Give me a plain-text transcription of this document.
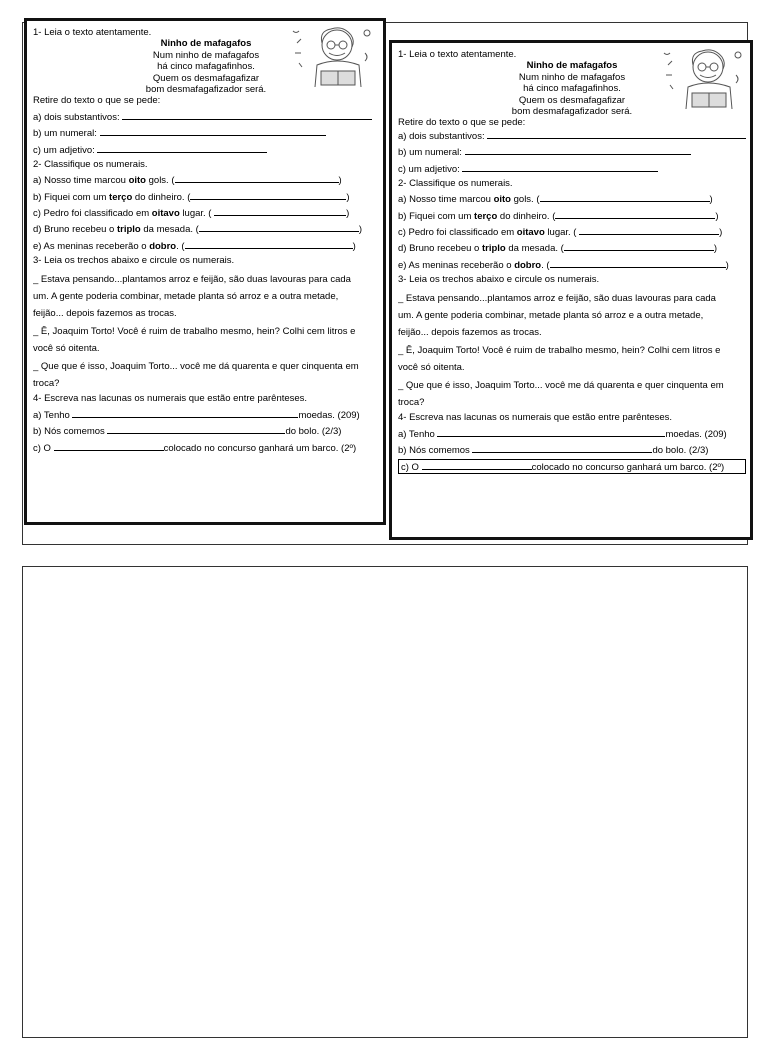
1- Leia o texto atentamente.
Ninho de mafagafos
Num ninho de mafagafos
há cinco mafagafinhos.
Quem os desmafagafizar
bom desmafagafizador será.
Retire do texto o que se pede:
a) dois substantivos:
b) um numeral:
c) um adjetivo:
2- Classifique os numerais.
a) Nosso time marcou oito gols. (	)
b) Fiquei com um terço do dinheiro. (	)
c) Pedro foi classificado em oitavo lugar. (	)
d) Bruno recebeu o triplo da mesada. (	)
e) As meninas receberão o dobro. (	)
3- Leia os trechos abaixo e circule os numerais.
_ Estava pensando...plantamos arroz e feijão, são duas lavouras para cada
um. A gente poderia combinar, metade planta só arroz e a outra metade,
feijão... depois fazemos as trocas.
_ Ê, Joaquim Torto! Você é ruim de trabalho mesmo, hein? Colhi cem litros e
você só oitenta.
_ Que que é isso, Joaquim Torto... você me dá quarenta e quer cinquenta em
troca?
4- Escreva nas lacunas os numerais que estão entre parênteses.
a) Tenho	moedas. (209)
b) Nós comemos	do bolo. (2/3)
c) O	colocado no concurso ganhará um barco. (2º)
1- Leia o texto atentamente.
Ninho de mafagafos
Num ninho de mafagafos
há cinco mafagafinhos.
Quem os desmafagafizar
bom desmafagafizador será.
Retire do texto o que se pede:
a) dois substantivos:
b) um numeral:
c) um adjetivo:
2- Classifique os numerais.
a) Nosso time marcou oito gols. (	)
b) Fiquei com um terço do dinheiro. (	)
c) Pedro foi classificado em oitavo lugar. (	)
d) Bruno recebeu o triplo da mesada. (	)
e) As meninas receberão o dobro. (	)
3- Leia os trechos abaixo e circule os numerais.
_ Estava pensando...plantamos arroz e feijão, são duas lavouras para cada
um. A gente poderia combinar, metade planta só arroz e a outra metade,
feijão... depois fazemos as trocas.
_ Ê, Joaquim Torto! Você é ruim de trabalho mesmo, hein? Colhi cem litros e
você só oitenta.
_ Que que é isso, Joaquim Torto... você me dá quarenta e quer cinquenta em
troca?
4- Escreva nas lacunas os numerais que estão entre parênteses.
a) Tenho	moedas. (209)
b) Nós comemos	do bolo. (2/3)
c) O	colocado no concurso ganhará um barco. (2º)
